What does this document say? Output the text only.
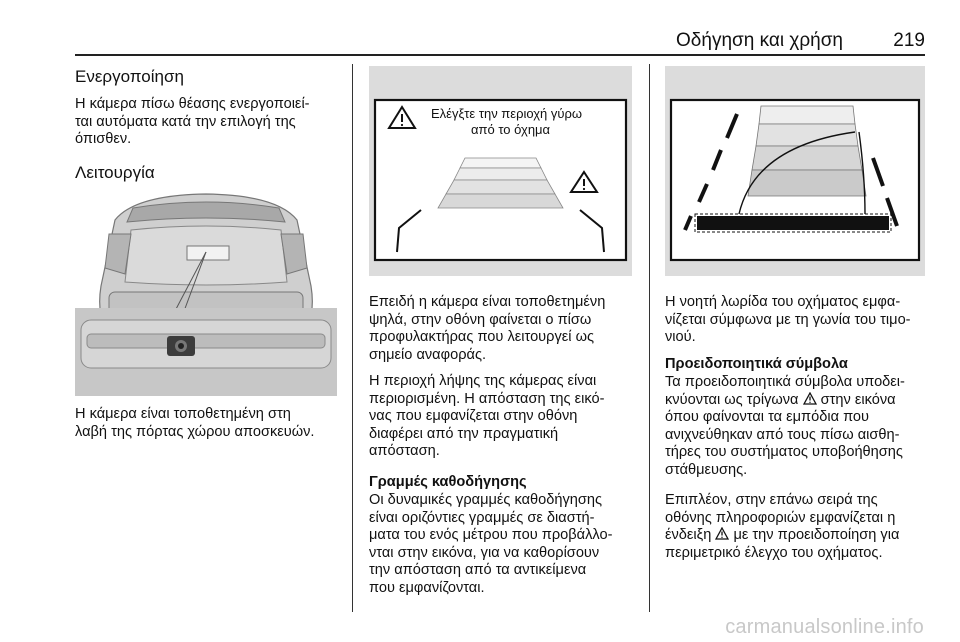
Οδήγηση και χρήση	219
Ενεργοποίηση
Η κάμερα πίσω θέασης ενεργοποιεί-
ται αυτόματα κατά την επιλογή της
όπισθεν.
Λειτουργία
Η κάμερα είναι τοποθετημένη στη
λαβή της πόρτας χώρου αποσκευών.
Ελέγξτε την περιοχή γύρω
από το όχημα
Επειδή η κάμερα είναι τοποθετημένη
ψηλά, στην οθόνη φαίνεται ο πίσω
προφυλακτήρας που λειτουργεί ως
σημείο αναφοράς.
Η περιοχή λήψης της κάμερας είναι
περιορισμένη. Η απόσταση της εικό-
νας που εμφανίζεται στην οθόνη
διαφέρει από την πραγματική
απόσταση.
Γραμμές καθοδήγησης
Οι δυναμικές γραμμές καθοδήγησης
είναι οριζόντιες γραμμές σε διαστή-
ματα του ενός μέτρου που προβάλλο-
νται στην εικόνα, για να καθορίσουν
την απόσταση από τα αντικείμενα
που εμφανίζονται.
Η νοητή λωρίδα του οχήματος εμφα-
νίζεται σύμφωνα με τη γωνία του τιμο-
νιού.
Προειδοποιητικά σύμβολα
Τα προειδοποιητικά σύμβολα υποδει-
κνύονται ως τρίγωνα  στην εικόνα
όπου φαίνονται τα εμπόδια που
ανιχνεύθηκαν από τους πίσω αισθη-
τήρες του συστήματος υποβοήθησης
στάθμευσης.
Επιπλέον, στην επάνω σειρά της
οθόνης πληροφοριών εμφανίζεται η
ένδειξη  με την προειδοποίηση για
περιμετρικό έλεγχο του οχήματος.
carmanualsonline.info
